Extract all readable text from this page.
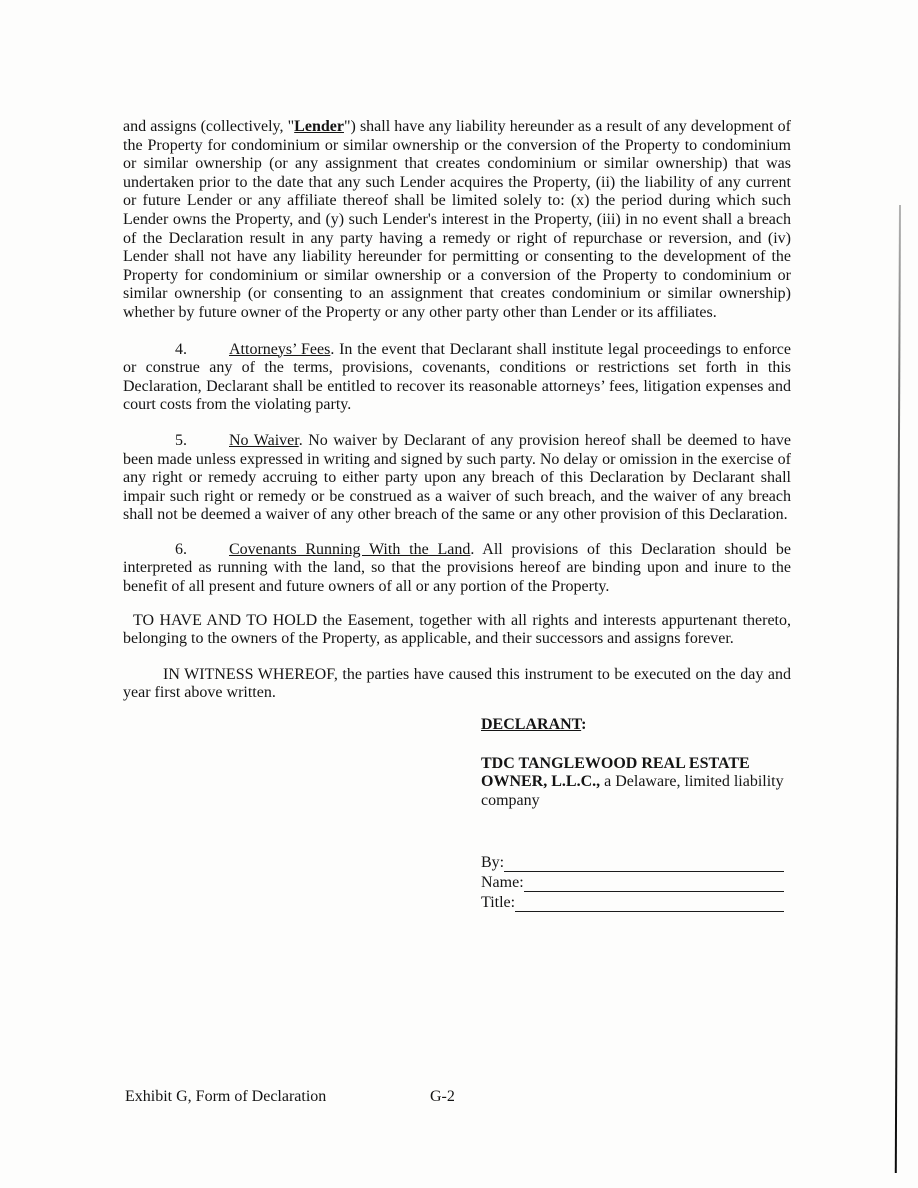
and assigns (collectively, "Lender") shall have any liability hereunder as a result of any development of the Property for condominium or similar ownership or the conversion of the Property to condominium or similar ownership (or any assignment that creates condominium or similar ownership) that was undertaken prior to the date that any such Lender acquires the Property, (ii) the liability of any current or future Lender or any affiliate thereof shall be limited solely to: (x) the period during which such Lender owns the Property, and (y) such Lender's interest in the Property, (iii) in no event shall a breach of the Declaration result in any party having a remedy or right of repurchase or reversion, and (iv) Lender shall not have any liability hereunder for permitting or consenting to the development of the Property for condominium or similar ownership or a conversion of the Property to condominium or similar ownership (or consenting to an assignment that creates condominium or similar ownership) whether by future owner of the Property or any other party other than Lender or its affiliates.

4.	Attorneys’ Fees. In the event that Declarant shall institute legal proceedings to enforce or construe any of the terms, provisions, covenants, conditions or restrictions set forth in this Declaration, Declarant shall be entitled to recover its reasonable attorneys’ fees, litigation expenses and court costs from the violating party.

5.	No Waiver. No waiver by Declarant of any provision hereof shall be deemed to have been made unless expressed in writing and signed by such party. No delay or omission in the exercise of any right or remedy accruing to either party upon any breach of this Declaration by Declarant shall impair such right or remedy or be construed as a waiver of such breach, and the waiver of any breach shall not be deemed a waiver of any other breach of the same or any other provision of this Declaration.

6.	Covenants Running With the Land. All provisions of this Declaration should be interpreted as running with the land, so that the provisions hereof are binding upon and inure to the benefit of all present and future owners of all or any portion of the Property.

TO HAVE AND TO HOLD the Easement, together with all rights and interests appurtenant thereto, belonging to the owners of the Property, as applicable, and their successors and assigns forever.

IN WITNESS WHEREOF, the parties have caused this instrument to be executed on the day and year first above written.

DECLARANT:

TDC TANGLEWOOD REAL ESTATE OWNER, L.L.C., a Delaware, limited liability company

By:
Name:
Title:
Exhibit G, Form of Declaration	G-2
